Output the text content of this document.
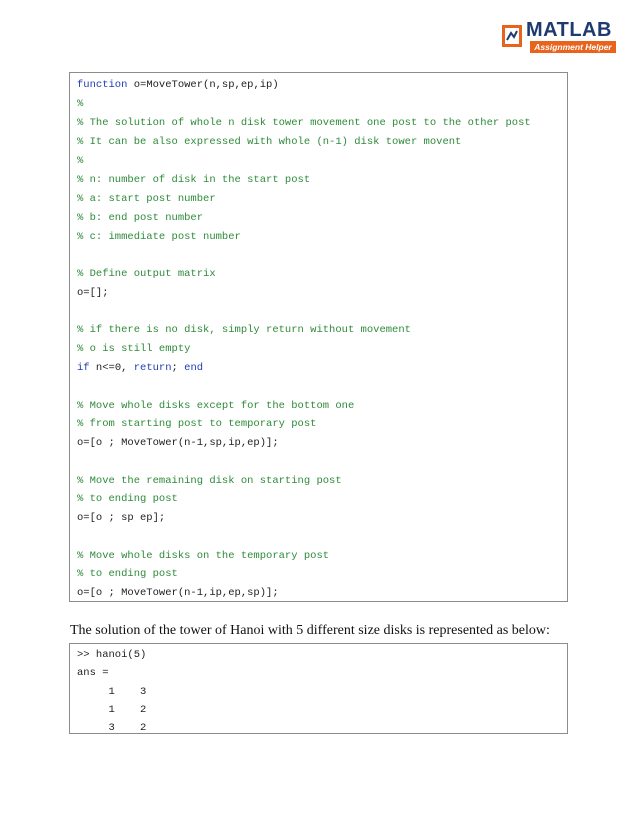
MATLAB
Assignment Helper
function o=MoveTower(n,sp,ep,ip)
%
% The solution of whole n disk tower movement one post to the other post
% It can be also expressed with whole (n-1) disk tower movent
%
% n: number of disk in the start post
% a: start post number
% b: end post number
% c: immediate post number
% Define output matrix
o=[];
% if there is no disk, simply return without movement
% o is still empty
if n<=0, return; end
% Move whole disks except for the bottom one
% from starting post to temporary post
o=[o ; MoveTower(n-1,sp,ip,ep)];
% Move the remaining disk on starting post
% to ending post
o=[o ; sp ep];
% Move whole disks on the temporary post
% to ending post
o=[o ; MoveTower(n-1,ip,ep,sp)];
The solution of the tower of Hanoi with 5 different size disks is represented as below:
>> hanoi(5)
ans =
1    3
1    2
3    2
